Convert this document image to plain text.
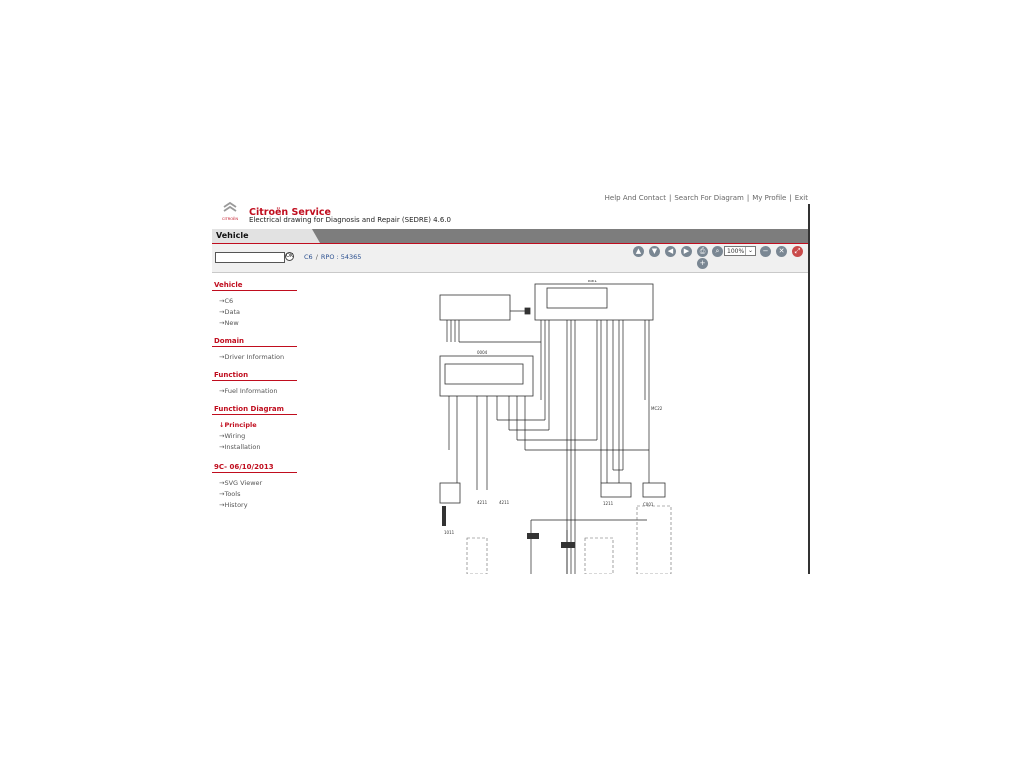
Help And Contact | Search For Diagram | My Profile | Exit
CITROËN
Citroën Service
Electrical drawing for Diagnosis and Repair (SEDRE) 4.6.0
Vehicle
OK C6 / RPO : 54365
▲	▼	◀	▶	⎙
+
⌕	100% ⌄	−	✕	⤢
Vehicle
→C6
→Data
→New
Domain
→Driver Information
Function
→Fuel Information
Function Diagram
↓Principle
→Wiring
→Installation
9C- 06/10/2013
→SVG Viewer
→Tools
→History
BSI1
0004
C001
4211	4211	1211
MC22
1011
